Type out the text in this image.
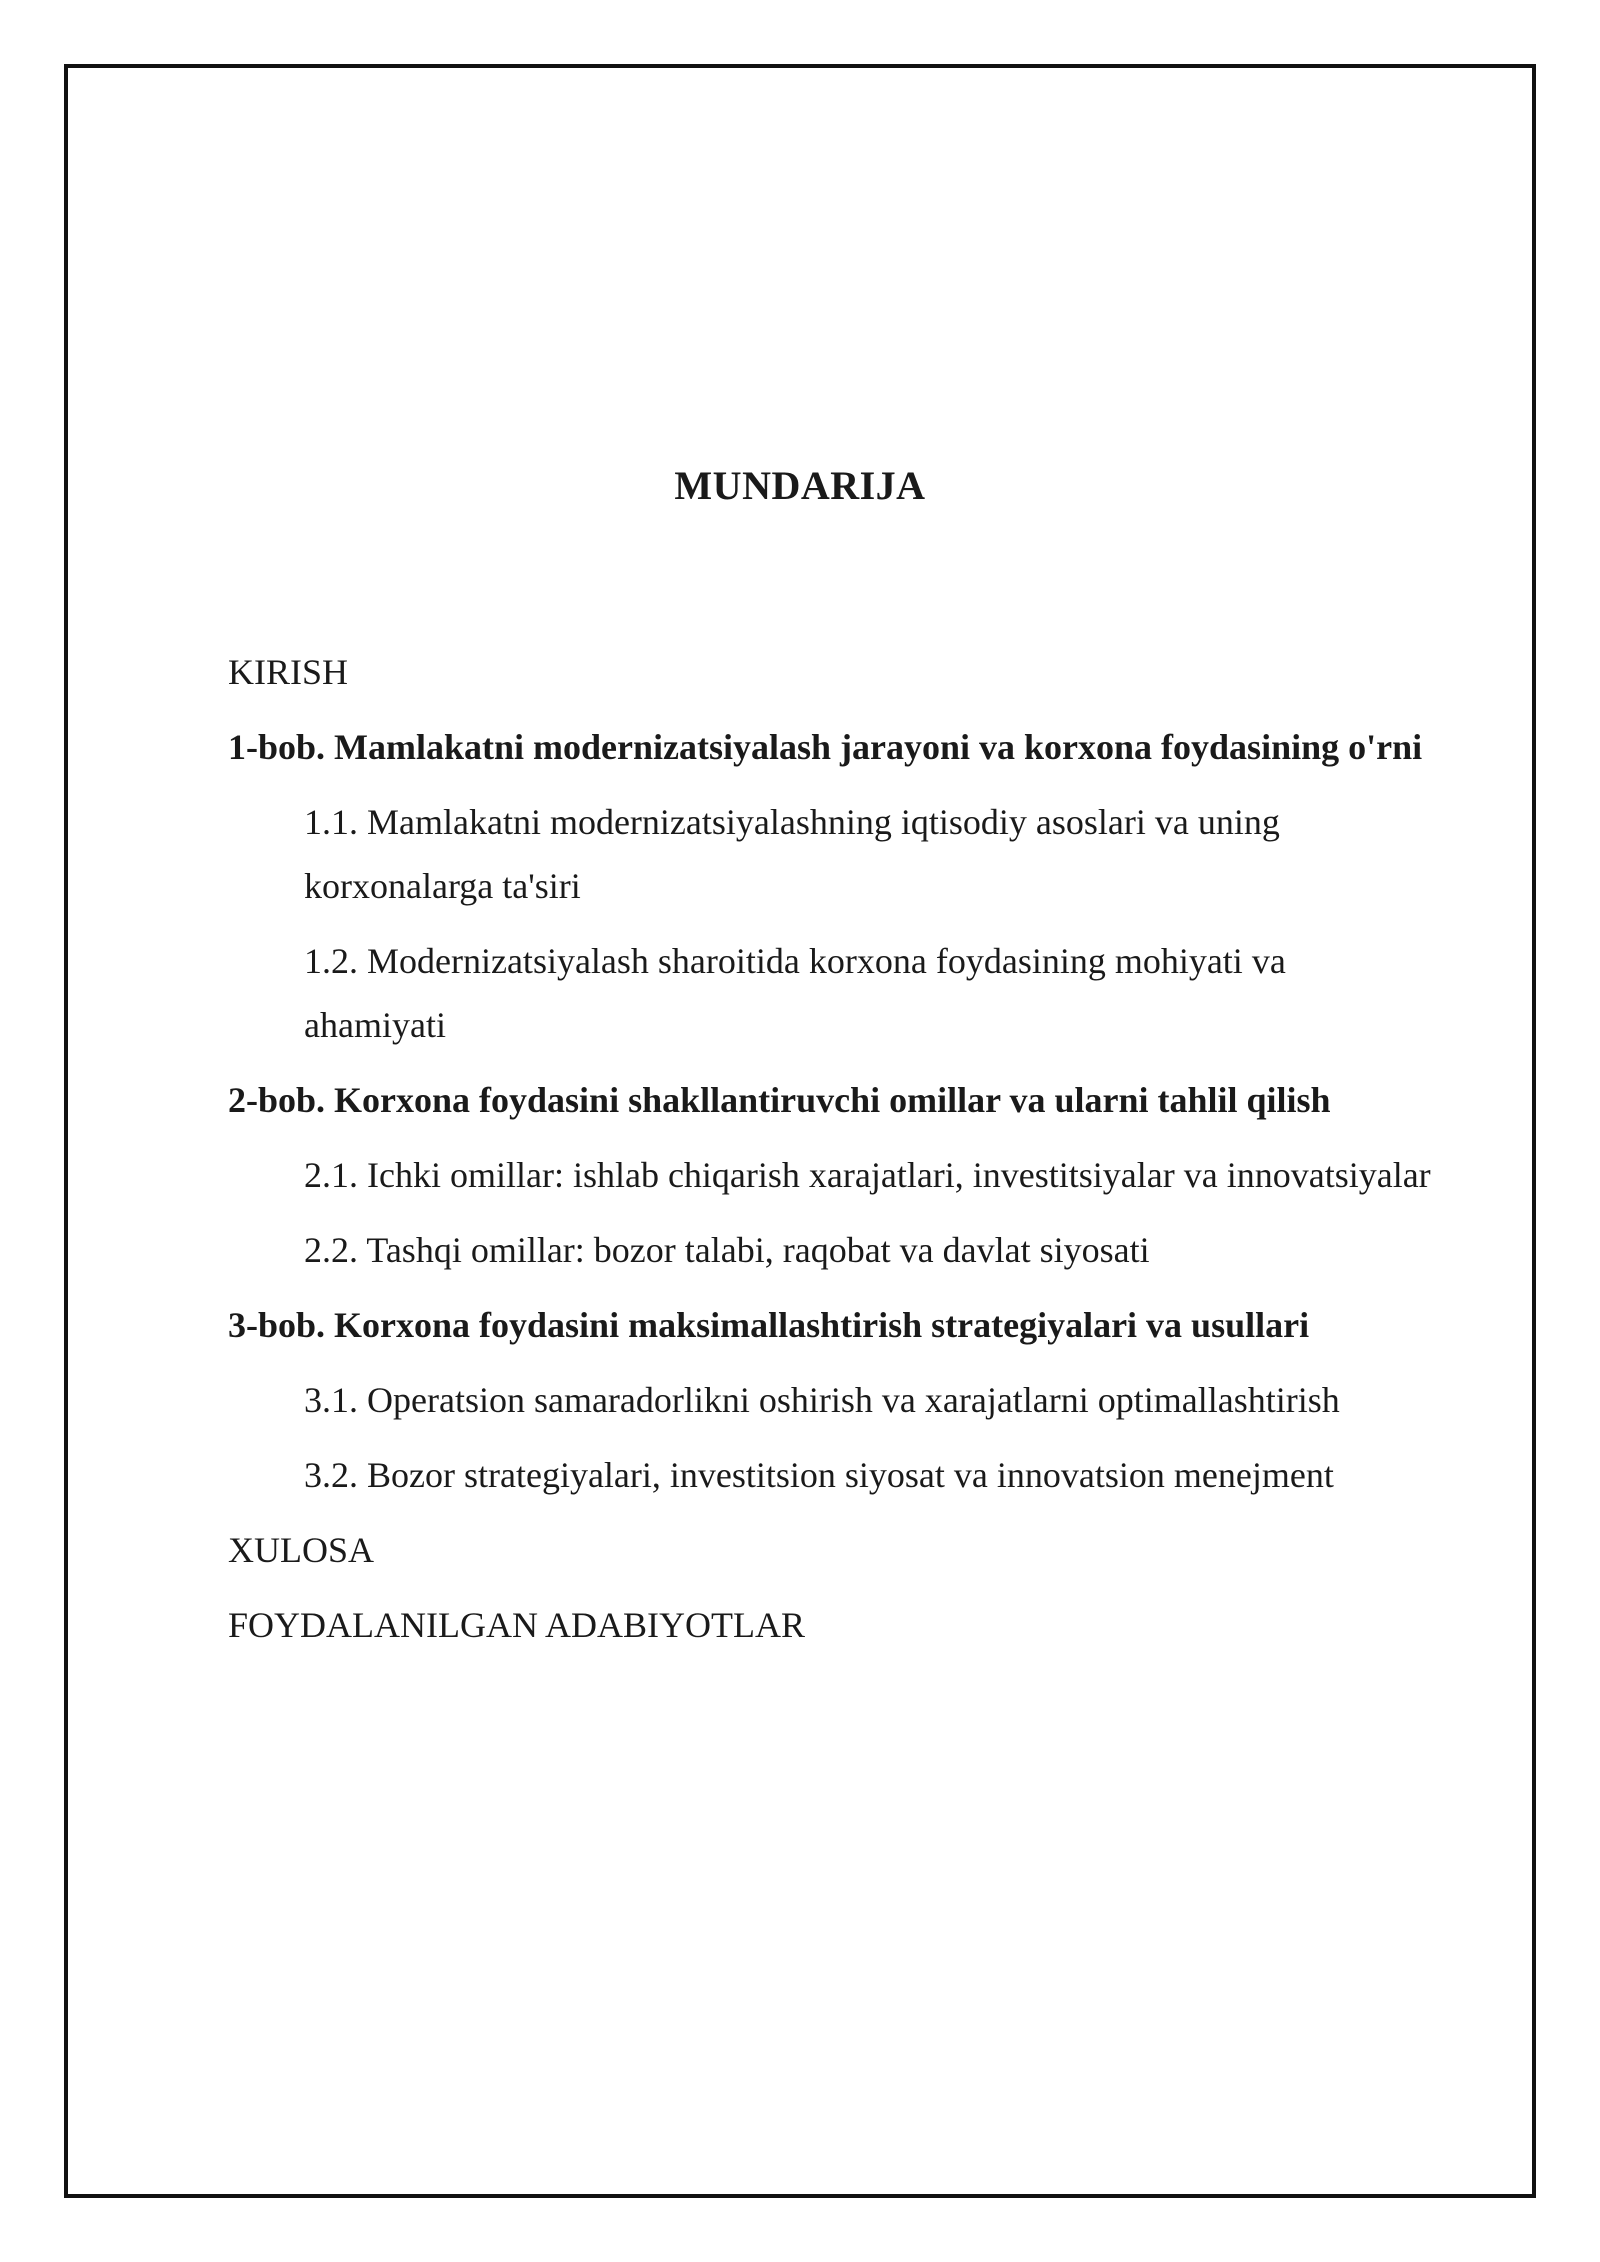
MUNDARIJA

KIRISH

1-bob. Mamlakatni modernizatsiyalash jarayoni va korxona foydasining o'rni

1.1. Mamlakatni modernizatsiyalashning iqtisodiy asoslari va uning
korxonalarga ta'siri

1.2. Modernizatsiyalash sharoitida korxona foydasining mohiyati va
ahamiyati

2-bob. Korxona foydasini shakllantiruvchi omillar va ularni tahlil qilish

2.1. Ichki omillar: ishlab chiqarish xarajatlari, investitsiyalar va innovatsiyalar

2.2. Tashqi omillar: bozor talabi, raqobat va davlat siyosati

3-bob. Korxona foydasini maksimallashtirish strategiyalari va usullari

3.1. Operatsion samaradorlikni oshirish va xarajatlarni optimallashtirish

3.2. Bozor strategiyalari, investitsion siyosat va innovatsion menejment

XULOSA

FOYDALANILGAN ADABIYOTLAR
